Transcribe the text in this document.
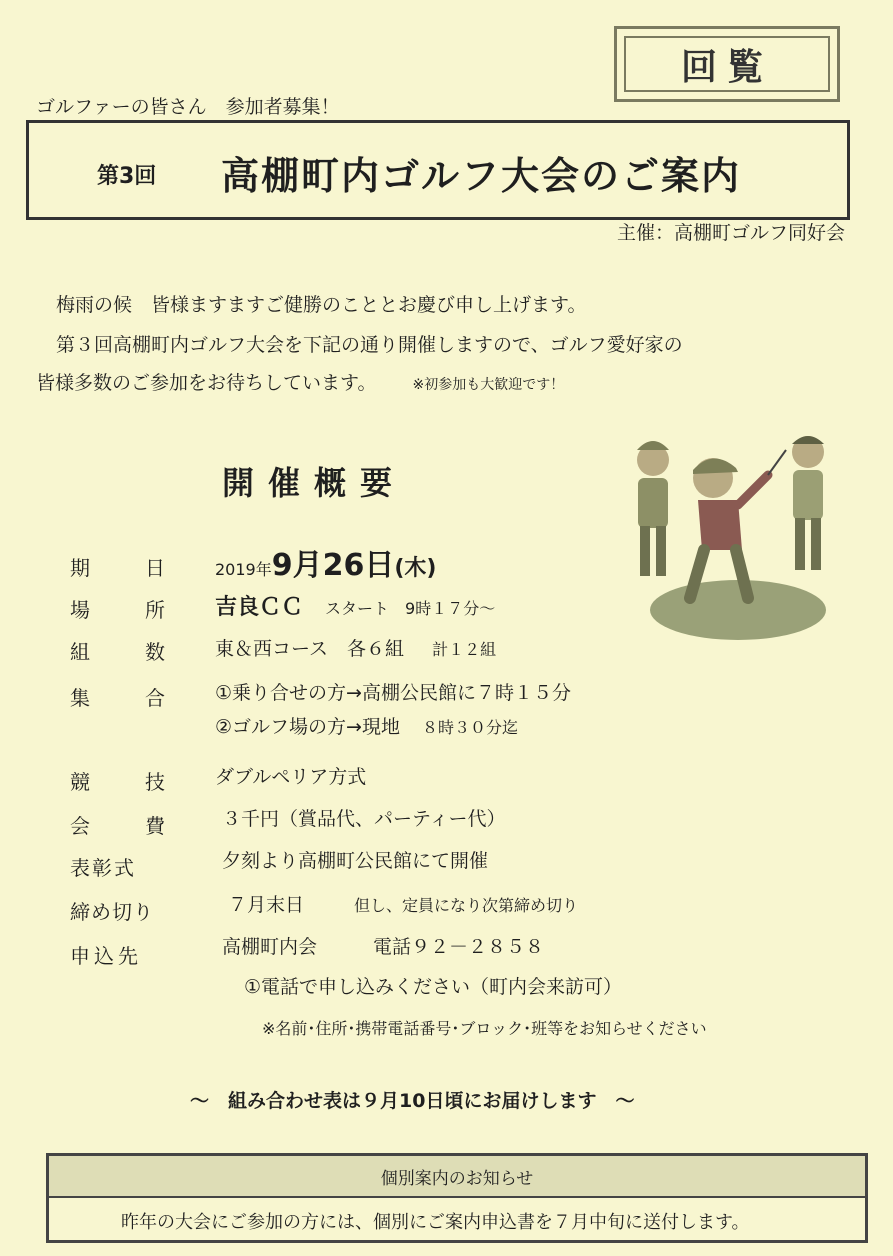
回覧
ゴルファーの皆さん　参加者募集！
第3回 高棚町内ゴルフ大会のご案内
主催：高棚町ゴルフ同好会
梅雨の候　皆様ますますご健勝のこととお慶び申し上げます。
第３回高棚町内ゴルフ大会を下記の通り開催しますので、ゴルフ愛好家の
皆様多数のご参加をお待ちしています。	※初参加も大歓迎です！
開催概要
期	日	2019年9月26日(木)
場	所 吉良ＣＣ スタート　9時１７分～
組	数 東＆西コース　各６組 計１２組
集	合 ①乗り合せの方→高棚公民館に７時１５分
②ゴルフ場の方→現地 ８時３０分迄
競	技 ダブルペリア方式
会	費	３千円（賞品代、パーティー代）
表彰式	夕刻より高棚町公民館にて開催
締め切り	７月末日	但し、定員になり次第締め切り
申込先	高棚町内会	電話９２－２８５８
①電話で申し込みください（町内会来訪可）
※名前･住所･携帯電話番号･ブロック･班等をお知らせください
～　組み合わせ表は９月10日頃にお届けします　～
個別案内のお知らせ
昨年の大会にご参加の方には、個別にご案内申込書を７月中旬に送付します。
